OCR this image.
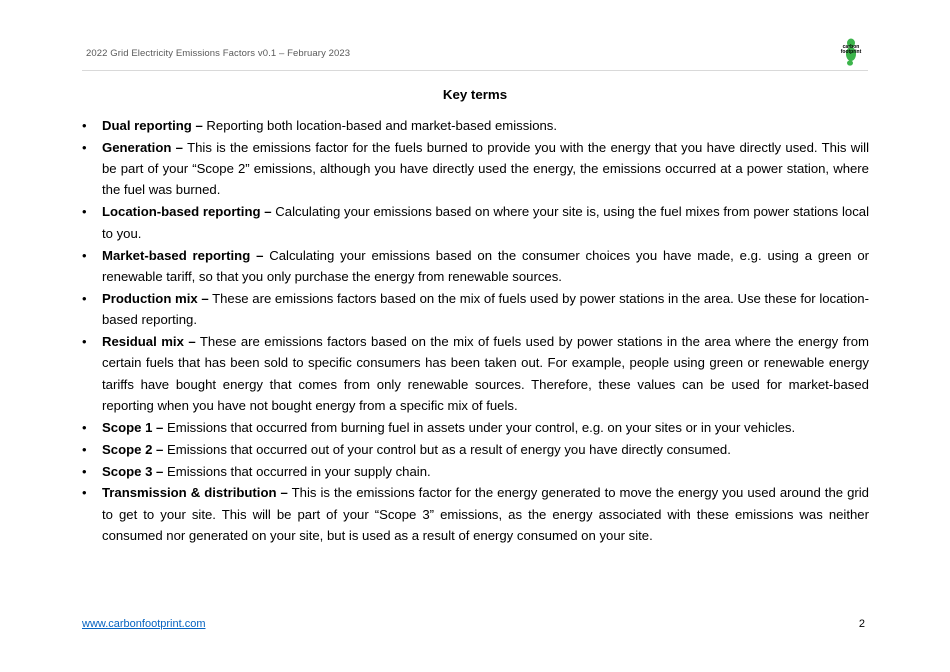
2022 Grid Electricity Emissions Factors v0.1 – February 2023
carbon
footprint
Key terms
• Dual reporting – Reporting both location-based and market-based emissions.
• Generation – This is the emissions factor for the fuels burned to provide you with the energy that you have directly used. This will be part of your “Scope 2” emissions, although you have directly used the energy, the emissions occurred at a power station, where the fuel was burned.
• Location-based reporting – Calculating your emissions based on where your site is, using the fuel mixes from power stations local to you.
• Market-based reporting – Calculating your emissions based on the consumer choices you have made, e.g. using a green or renewable tariff, so that you only purchase the energy from renewable sources.
• Production mix – These are emissions factors based on the mix of fuels used by power stations in the area. Use these for location-based reporting.
• Residual mix – These are emissions factors based on the mix of fuels used by power stations in the area where the energy from certain fuels that has been sold to specific consumers has been taken out. For example, people using green or renewable energy tariffs have bought energy that comes from only renewable sources. Therefore, these values can be used for market-based reporting when you have not bought energy from a specific mix of fuels.
• Scope 1 – Emissions that occurred from burning fuel in assets under your control, e.g. on your sites or in your vehicles.
• Scope 2 – Emissions that occurred out of your control but as a result of energy you have directly consumed.
• Scope 3 – Emissions that occurred in your supply chain.
• Transmission & distribution – This is the emissions factor for the energy generated to move the energy you used around the grid to get to your site. This will be part of your “Scope 3” emissions, as the energy associated with these emissions was neither consumed nor generated on your site, but is used as a result of energy consumed on your site.
www.carbonfootprint.com	2
